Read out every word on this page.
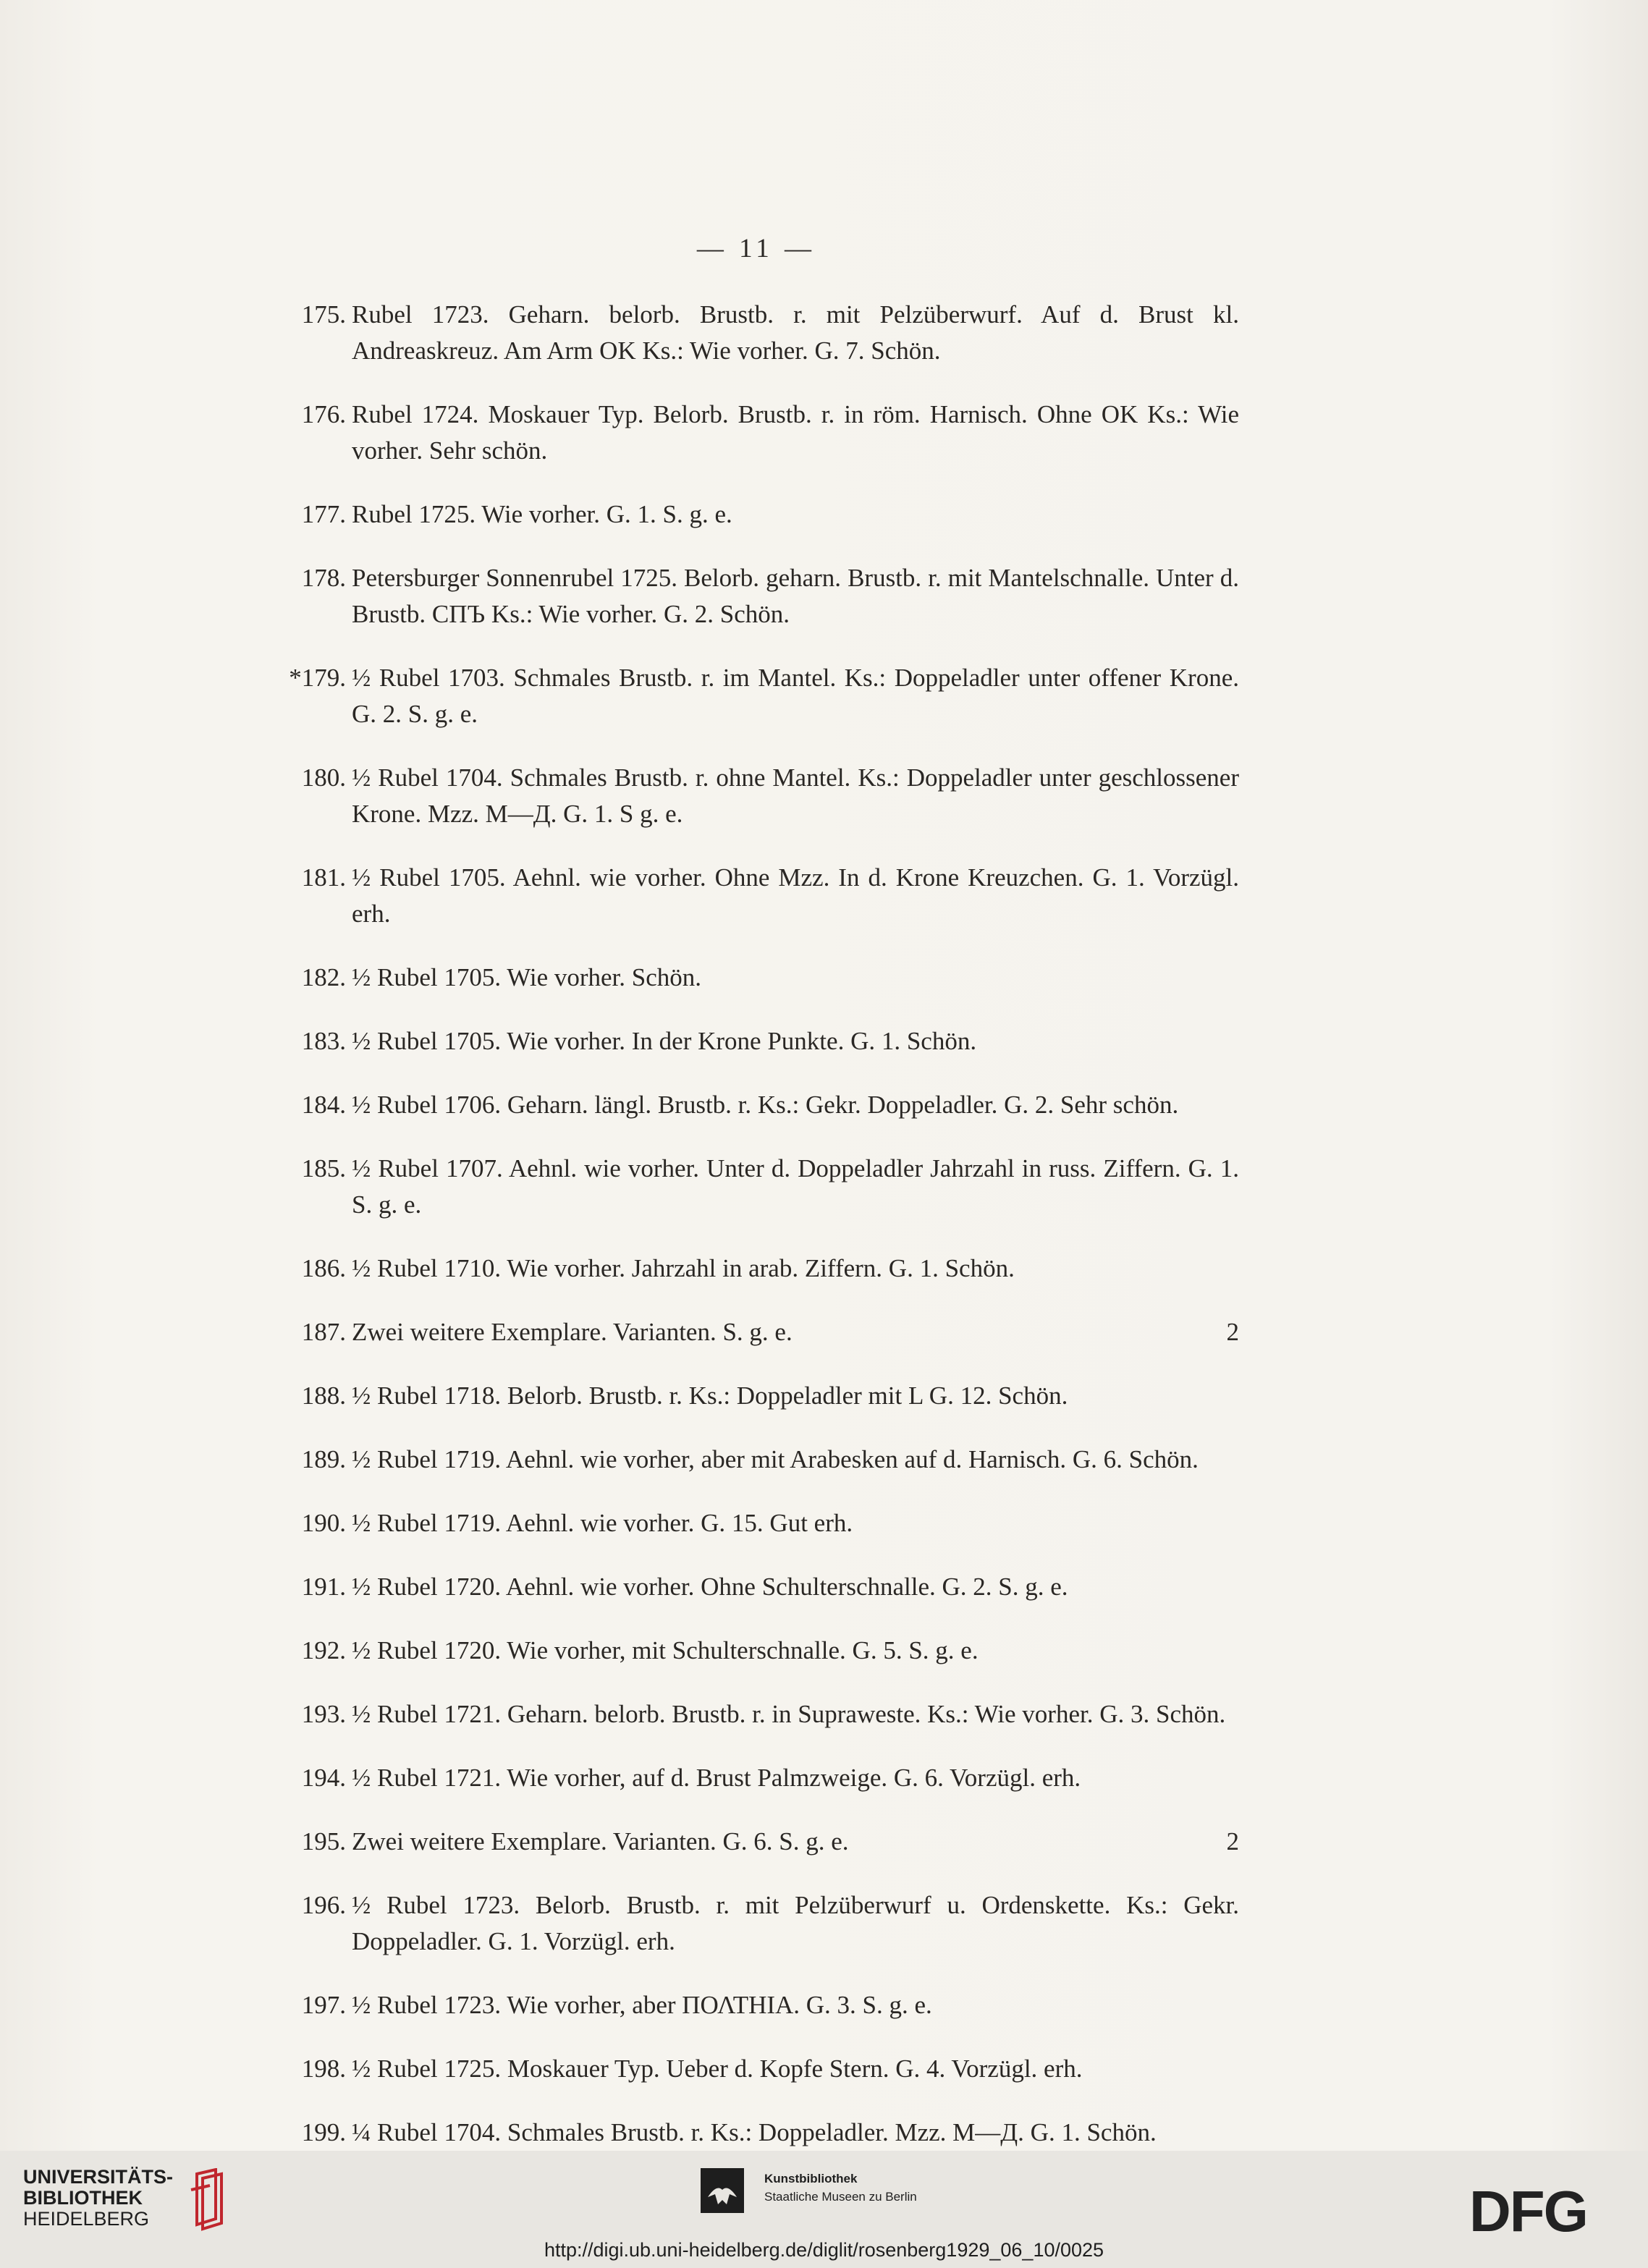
— 11 —
175. Rubel 1723. Geharn. belorb. Brustb. r. mit Pelzüberwurf. Auf d. Brust kl. Andreaskreuz. Am Arm OK Ks.: Wie vorher. G. 7. Schön.
176. Rubel 1724. Moskauer Typ. Belorb. Brustb. r. in röm. Harnisch. Ohne OK Ks.: Wie vorher. Sehr schön.
177. Rubel 1725. Wie vorher. G. 1. S. g. e.
178. Petersburger Sonnenrubel 1725. Belorb. geharn. Brustb. r. mit Mantelschnalle. Unter d. Brustb. СПЪ Ks.: Wie vorher. G. 2. Schön.
*179. ½ Rubel 1703. Schmales Brustb. r. im Mantel. Ks.: Doppeladler unter offener Krone. G. 2. S. g. e.
180. ½ Rubel 1704. Schmales Brustb. r. ohne Mantel. Ks.: Doppeladler unter geschlossener Krone. Mzz. M—Д. G. 1. S g. e.
181. ½ Rubel 1705. Aehnl. wie vorher. Ohne Mzz. In d. Krone Kreuzchen. G. 1. Vorzügl. erh.
182. ½ Rubel 1705. Wie vorher. Schön.
183. ½ Rubel 1705. Wie vorher. In der Krone Punkte. G. 1. Schön.
184. ½ Rubel 1706. Geharn. längl. Brustb. r. Ks.: Gekr. Doppeladler. G. 2. Sehr schön.
185. ½ Rubel 1707. Aehnl. wie vorher. Unter d. Doppeladler Jahrzahl in russ. Ziffern. G. 1. S. g. e.
186. ½ Rubel 1710. Wie vorher. Jahrzahl in arab. Ziffern. G. 1. Schön.
187. Zwei weitere Exemplare. Varianten. S. g. e.	2
188. ½ Rubel 1718. Belorb. Brustb. r. Ks.: Doppeladler mit L G. 12. Schön.
189. ½ Rubel 1719. Aehnl. wie vorher, aber mit Arabesken auf d. Harnisch. G. 6. Schön.
190. ½ Rubel 1719. Aehnl. wie vorher. G. 15. Gut erh.
191. ½ Rubel 1720. Aehnl. wie vorher. Ohne Schulterschnalle. G. 2. S. g. e.
192. ½ Rubel 1720. Wie vorher, mit Schulterschnalle. G. 5. S. g. e.
193. ½ Rubel 1721. Geharn. belorb. Brustb. r. in Supraweste. Ks.: Wie vorher. G. 3. Schön.
194. ½ Rubel 1721. Wie vorher, auf d. Brust Palmzweige. G. 6. Vorzügl. erh.
195. Zwei weitere Exemplare. Varianten. G. 6. S. g. e.	2
196. ½ Rubel 1723. Belorb. Brustb. r. mit Pelzüberwurf u. Ordenskette. Ks.: Gekr. Doppeladler. G. 1. Vorzügl. erh.
197. ½ Rubel 1723. Wie vorher, aber ΠΟΛΤΗΙΑ. G. 3. S. g. e.
198. ½ Rubel 1725. Moskauer Typ. Ueber d. Kopfe Stern. G. 4. Vorzügl. erh.
199. ¼ Rubel 1704. Schmales Brustb. r. Ks.: Doppeladler. Mzz. M—Д. G. 1. Schön.
UNIVERSITÄTS-
BIBLIOTHEK
HEIDELBERG
Kunstbibliothek
Staatliche Museen zu Berlin	DFG
http://digi.ub.uni-heidelberg.de/diglit/rosenberg1929_06_10/0025
